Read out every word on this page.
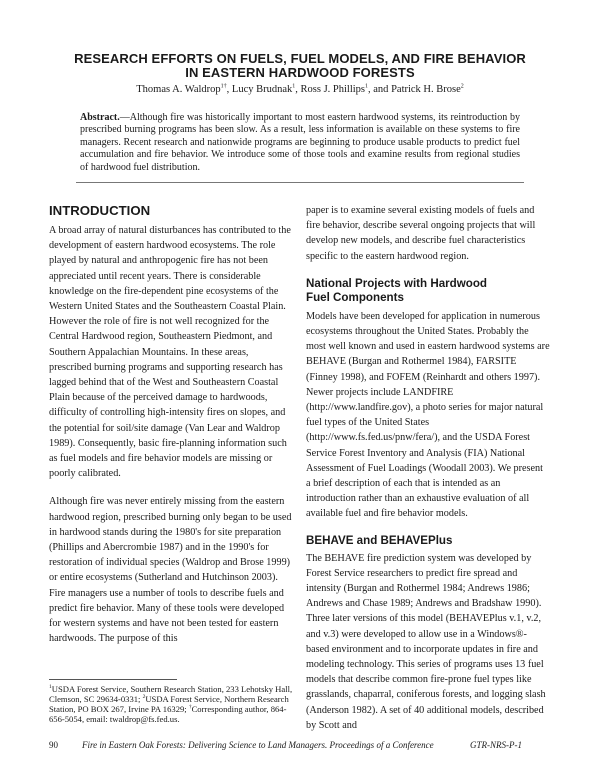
RESEARCH EFFORTS ON FUELS, FUEL MODELS, AND FIRE BEHAVIOR
IN EASTERN HARDWOOD FORESTS
Thomas A. Waldrop$^{1\dagger}$, Lucy Brudnak$^1$, Ross J. Phillips$^1$, and Patrick H. Brose$^2$
Abstract.—Although fire was historically important to most eastern hardwood systems, its reintroduction by prescribed burning programs has been slow. As a result, less information is available on these systems to fire managers. Recent research and nationwide programs are beginning to produce usable products to predict fuel accumulation and fire behavior. We introduce some of those tools and examine results from regional studies of hardwood fuel distribution.
INTRODUCTION

A broad array of natural disturbances has contributed to the development of eastern hardwood ecosystems. The role played by natural and anthropogenic fire has not been appreciated until recent years. There is considerable knowledge on the fire-dependent pine ecosystems of the Western United States and the Southeastern Coastal Plain. However the role of fire is not well recognized for the Central Hardwood region, Southeastern Piedmont, and Southern Appalachian Mountains. In these areas, prescribed burning programs and supporting research has lagged behind that of the West and Southeastern Coastal Plain because of the perceived damage to hardwoods, difficulty of controlling high-intensity fires on slopes, and the potential for soil/site damage (Van Lear and Waldrop 1989). Consequently, basic fire-planning information such as fuel models and fire behavior models are missing or poorly calibrated.

Although fire was never entirely missing from the eastern hardwood region, prescribed burning only began to be used in hardwood stands during the 1980's for site preparation (Phillips and Abercrombie 1987) and in the 1990's for restoration of individual species (Waldrop and Brose 1999) or entire ecosystems (Sutherland and Hutchinson 2003). Fire managers use a number of tools to describe fuels and predict fire behavior. Many of these tools were developed for western systems and have not been tested for eastern hardwoods. The purpose of this

$^1$USDA Forest Service, Southern Research Station, 233 Lehotsky Hall, Clemson, SC 29634-0331; $^2$USDA Forest Service, Northern Research Station, PO BOX 267, Irvine PA 16329; †Corresponding author, 864-656-5054, email: twaldrop@fs.fed.us.

paper is to examine several existing models of fuels and fire behavior, describe several ongoing projects that will develop new models, and describe fuel characteristics specific to the eastern hardwood region.

National Projects with Hardwood
Fuel Components

Models have been developed for application in numerous ecosystems throughout the United States. Probably the most well known and used in eastern hardwood systems are BEHAVE (Burgan and Rothermel 1984), FARSITE (Finney 1998), and FOFEM (Reinhardt and others 1997). Newer projects include LANDFIRE (http://www.landfire.gov), a photo series for major natural fuel types of the United States (http://www.fs.fed.us/pnw/fera/), and the USDA Forest Service Forest Inventory and Analysis (FIA) National Assessment of Fuel Loadings (Woodall 2003). We present a brief description of each that is intended as an introduction rather than an exhaustive evaluation of all available fuel and fire behavior models.

BEHAVE and BEHAVEPlus

The BEHAVE fire prediction system was developed by Forest Service researchers to predict fire spread and intensity (Burgan and Rothermel 1984; Andrews 1986; Andrews and Chase 1989; Andrews and Bradshaw 1990). Three later versions of this model (BEHAVEPlus v.1, v.2, and v.3) were developed to allow use in a Windows®-based environment and to incorporate updates in fire and modeling technology. This series of programs uses 13 fuel models that describe common fire-prone fuel types like grasslands, chaparral, coniferous forests, and logging slash (Anderson 1982). A set of 40 additional models, described by Scott and

90	Fire in Eastern Oak Forests: Delivering Science to Land Managers. Proceedings of a Conference	GTR-NRS-P-1
